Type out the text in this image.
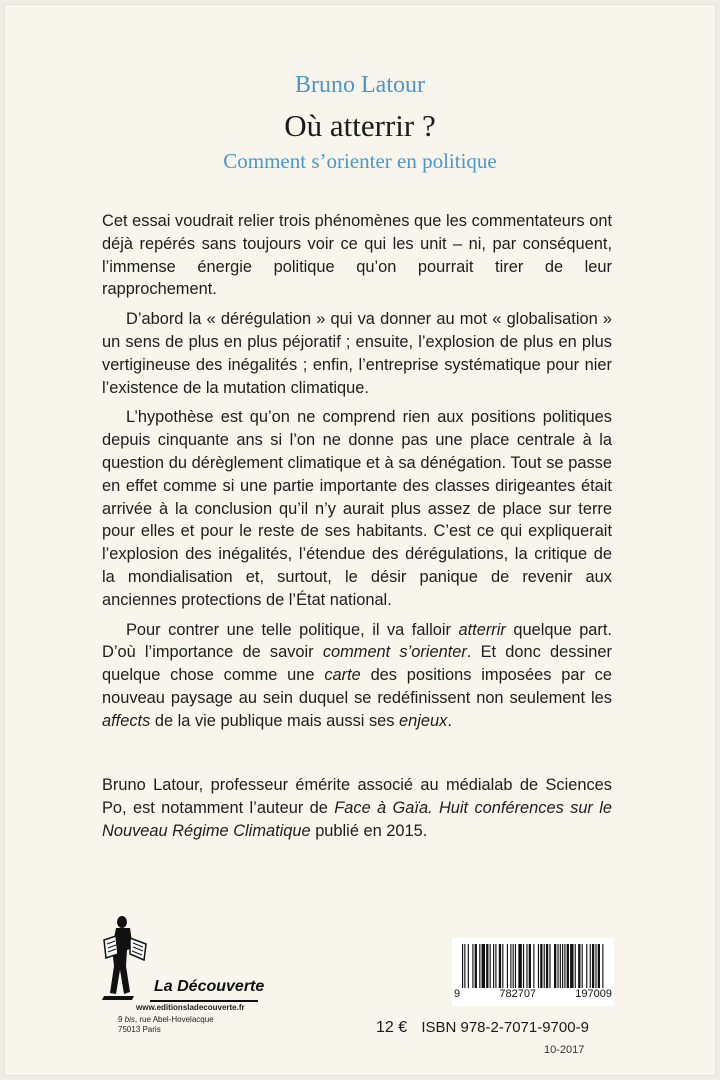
Bruno Latour
Où atterrir ?
Comment s’orienter en politique

Cet essai voudrait relier trois phénomènes que les commentateurs ont déjà repérés sans toujours voir ce qui les unit – ni, par conséquent, l’immense énergie politique qu’on pourrait tirer de leur rapprochement.

D’abord la « dérégulation » qui va donner au mot « globalisation » un sens de plus en plus péjoratif ; ensuite, l’explosion de plus en plus vertigineuse des inégalités ; enfin, l’entreprise systématique pour nier l’existence de la mutation climatique.

L’hypothèse est qu’on ne comprend rien aux positions politiques depuis cinquante ans si l’on ne donne pas une place centrale à la question du dérèglement climatique et à sa dénégation. Tout se passe en effet comme si une partie importante des classes dirigeantes était arrivée à la conclusion qu’il n’y aurait plus assez de place sur terre pour elles et pour le reste de ses habitants. C’est ce qui expliquerait l’explosion des inégalités, l’étendue des dérégulations, la critique de la mondialisation et, surtout, le désir panique de revenir aux anciennes protections de l’État national.

Pour contrer une telle politique, il va falloir atterrir quelque part. D’où l’importance de savoir comment s’orienter. Et donc dessiner quelque chose comme une carte des positions imposées par ce nouveau paysage au sein duquel se redéfinissent non seulement les affects de la vie publique mais aussi ses enjeux.

Bruno Latour, professeur émérite associé au médialab de Sciences Po, est notamment l’auteur de Face à Gaïa. Huit conférences sur le Nouveau Régime Climatique publié en 2015.

La Découverte
www.editionsladecouverte.fr
9 bis, rue Abel-Hovelacque
75013 Paris
9	782707	197009
12 € ISBN 978-2-7071-9700-9
10-2017
